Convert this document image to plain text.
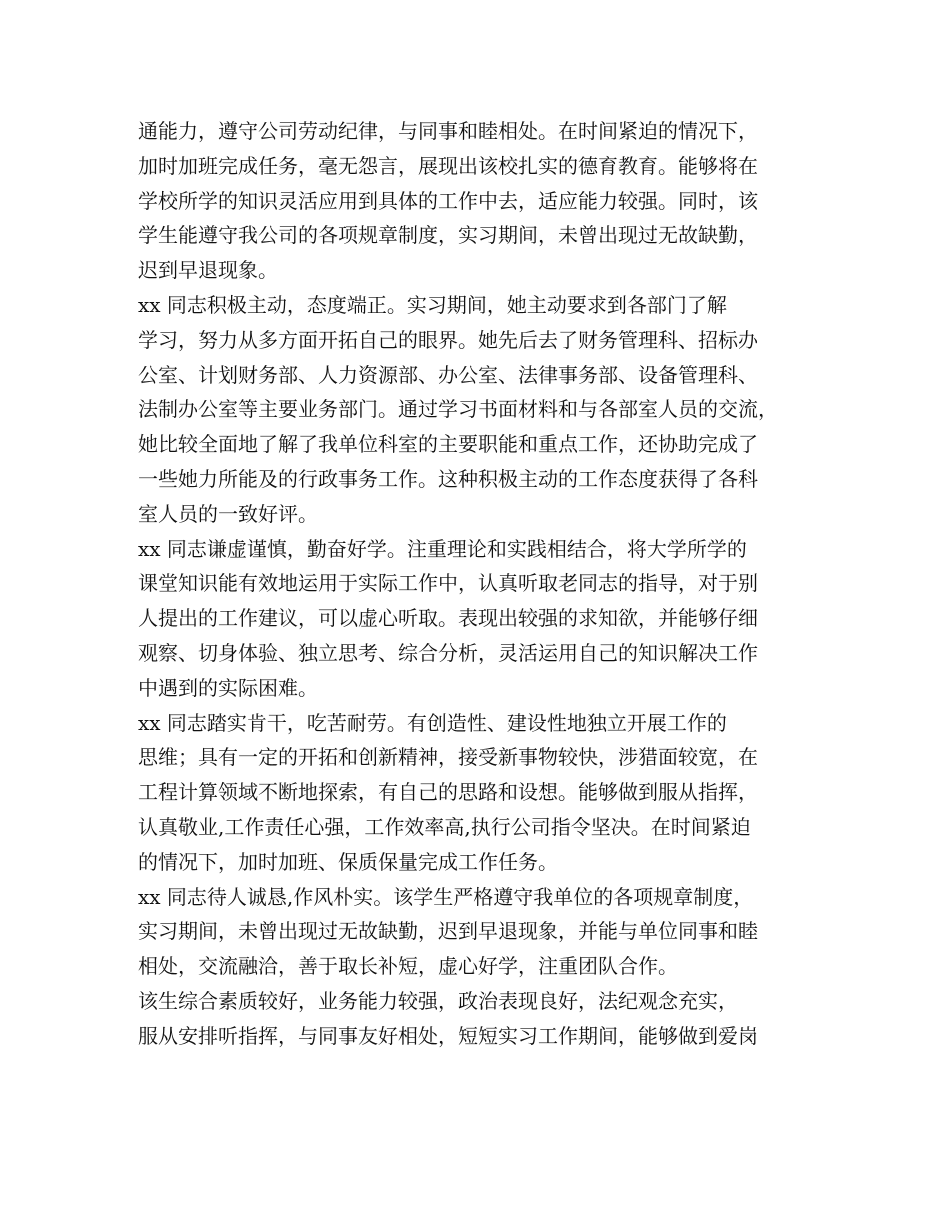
通能力，遵守公司劳动纪律，与同事和睦相处。在时间紧迫的情况下，
加时加班完成任务，毫无怨言，展现出该校扎实的德育教育。能够将在
学校所学的知识灵活应用到具体的工作中去，适应能力较强。同时，该
学生能遵守我公司的各项规章制度，实习期间，未曾出现过无故缺勤，
迟到早退现象。
xx 同志积极主动，态度端正。实习期间，她主动要求到各部门了解
学习，努力从多方面开拓自己的眼界。她先后去了财务管理科、招标办
公室、计划财务部、人力资源部、办公室、法律事务部、设备管理科、
法制办公室等主要业务部门。通过学习书面材料和与各部室人员的交流，
她比较全面地了解了我单位科室的主要职能和重点工作，还协助完成了
一些她力所能及的行政事务工作。这种积极主动的工作态度获得了各科
室人员的一致好评。
xx 同志谦虚谨慎，勤奋好学。注重理论和实践相结合，将大学所学的
课堂知识能有效地运用于实际工作中，认真听取老同志的指导，对于别
人提出的工作建议，可以虚心听取。表现出较强的求知欲，并能够仔细
观察、切身体验、独立思考、综合分析，灵活运用自己的知识解决工作
中遇到的实际困难。
xx 同志踏实肯干，吃苦耐劳。有创造性、建设性地独立开展工作的
思维；具有一定的开拓和创新精神，接受新事物较快，涉猎面较宽，在
工程计算领域不断地探索，有自己的思路和设想。能够做到服从指挥，
认真敬业,工作责任心强，工作效率高,执行公司指令坚决。在时间紧迫
的情况下，加时加班、保质保量完成工作任务。
xx 同志待人诚恳,作风朴实。该学生严格遵守我单位的各项规章制度，
实习期间，未曾出现过无故缺勤，迟到早退现象，并能与单位同事和睦
相处，交流融洽，善于取长补短，虚心好学，注重团队合作。
该生综合素质较好，业务能力较强，政治表现良好，法纪观念充实，
服从安排听指挥，与同事友好相处，短短实习工作期间，能够做到爱岗
